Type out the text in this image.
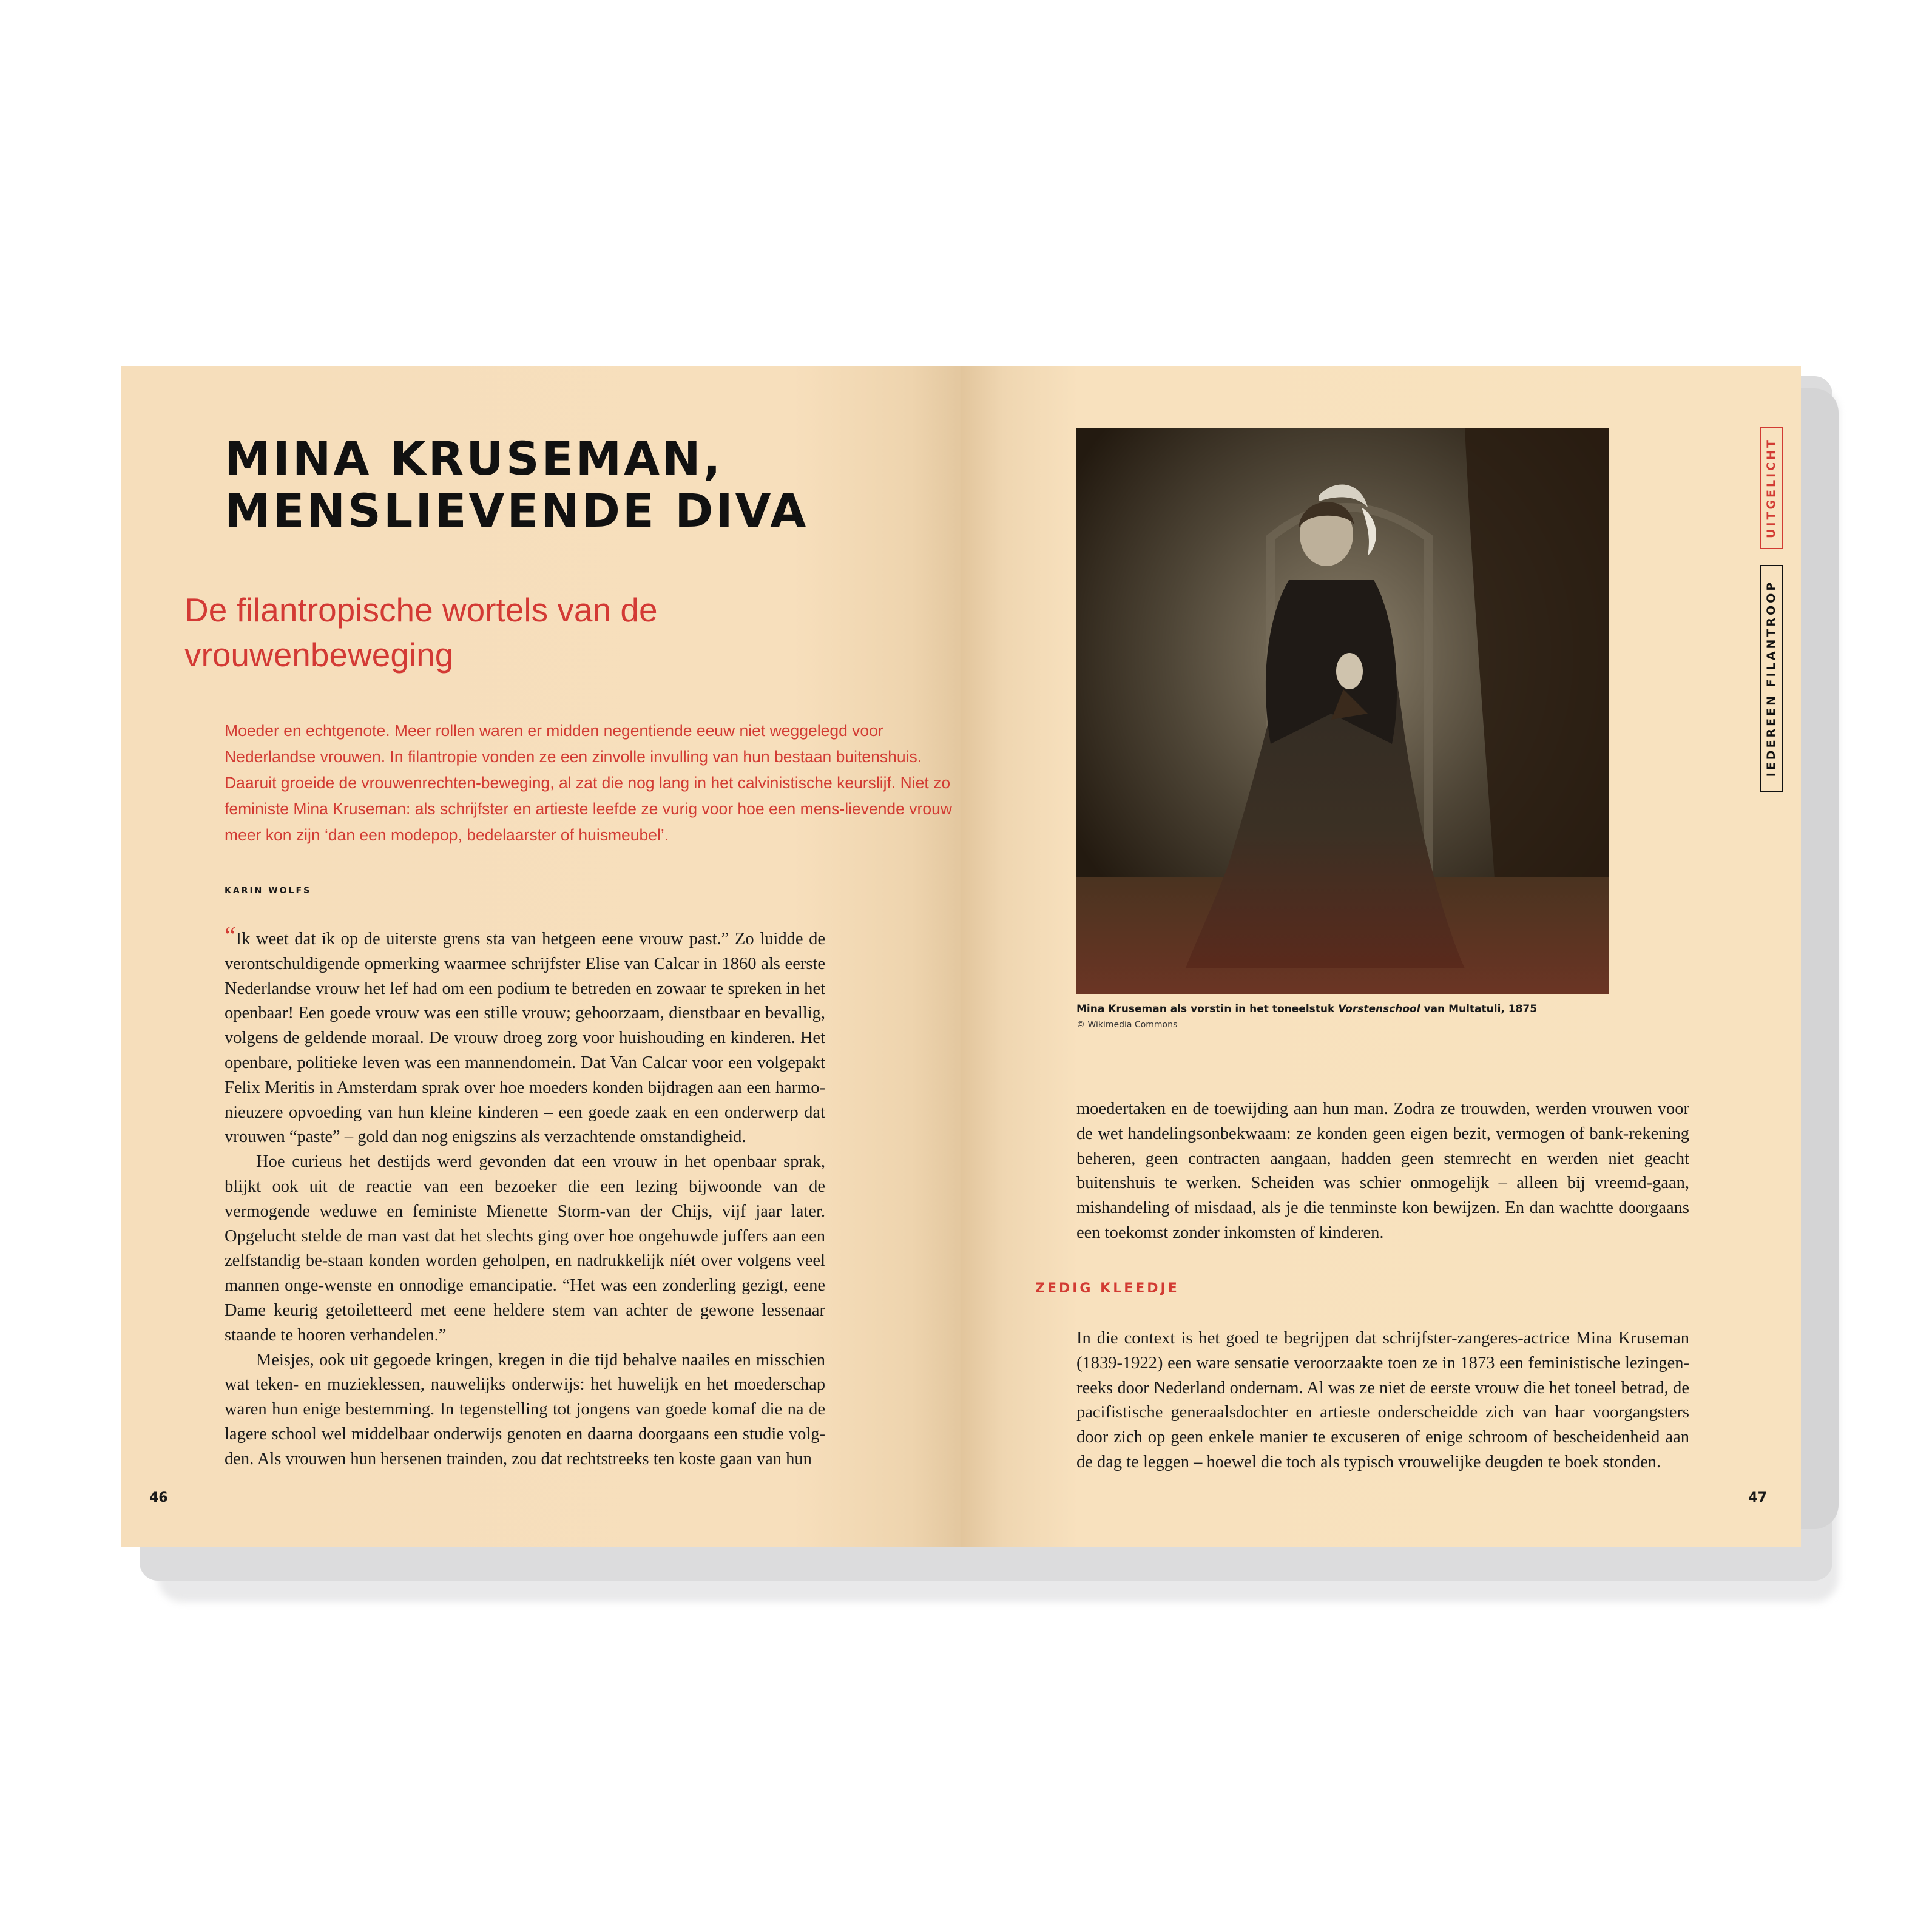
MINA KRUSEMAN,
MENSLIEVENDE DIVA
De filantropische wortels van de vrouwenbeweging

Moeder en echtgenote. Meer rollen waren er midden negentiende eeuw niet weggelegd voor Nederlandse vrouwen. In filantropie vonden ze een zinvolle invulling van hun bestaan buitenshuis. Daaruit groeide de vrouwenrechten-beweging, al zat die nog lang in het calvinistische keurslijf. Niet zo feministe Mina Kruseman: als schrijfster en artieste leefde ze vurig voor hoe een mens-lievende vrouw meer kon zijn ‘dan een modepop, bedelaarster of huismeubel’.

KARIN WOLFS

“Ik weet dat ik op de uiterste grens sta van hetgeen eene vrouw past.” Zo luidde de verontschuldigende opmerking waarmee schrijfster Elise van Calcar in 1860 als eerste Nederlandse vrouw het lef had om een podium te betreden en zowaar te spreken in het openbaar! Een goede vrouw was een stille vrouw; gehoorzaam, dienstbaar en bevallig, volgens de geldende moraal. De vrouw droeg zorg voor huishouding en kinderen. Het openbare, politieke leven was een mannendomein. Dat Van Calcar voor een volgepakt Felix Meritis in Amsterdam sprak over hoe moeders konden bijdragen aan een harmo-nieuzere opvoeding van hun kleine kinderen – een goede zaak en een onderwerp dat vrouwen “paste” – gold dan nog enigszins als verzachtende omstandigheid.

Hoe curieus het destijds werd gevonden dat een vrouw in het openbaar sprak, blijkt ook uit de reactie van een bezoeker die een lezing bijwoonde van de vermogende weduwe en feministe Mienette Storm-van der Chijs, vijf jaar later. Opgelucht stelde de man vast dat het slechts ging over hoe ongehuwde juffers aan een zelfstandig be-staan konden worden geholpen, en nadrukkelijk níét over volgens veel mannen onge-wenste en onnodige emancipatie. “Het was een zonderling gezigt, eene Dame keurig getoiletteerd met eene heldere stem van achter de gewone lessenaar staande te hooren verhandelen.”

Meisjes, ook uit gegoede kringen, kregen in die tijd behalve naailes en misschien wat teken- en muzieklessen, nauwelijks onderwijs: het huwelijk en het moederschap waren hun enige bestemming. In tegenstelling tot jongens van goede komaf die na de lagere school wel middelbaar onderwijs genoten en daarna doorgaans een studie volg-den. Als vrouwen hun hersenen trainden, zou dat rechtstreeks ten koste gaan van hun

46
Mina Kruseman als vorstin in het toneelstuk Vorstenschool van Multatuli, 1875
© Wikimedia Commons

moedertaken en de toewijding aan hun man. Zodra ze trouwden, werden vrouwen voor de wet handelingsonbekwaam: ze konden geen eigen bezit, vermogen of bank-rekening beheren, geen contracten aangaan, hadden geen stemrecht en werden niet geacht buitenshuis te werken. Scheiden was schier onmogelijk – alleen bij vreemd-gaan, mishandeling of misdaad, als je die tenminste kon bewijzen. En dan wachtte doorgaans een toekomst zonder inkomsten of kinderen.

ZEDIG KLEEDJE

In die context is het goed te begrijpen dat schrijfster-zangeres-actrice Mina Kruseman (1839-1922) een ware sensatie veroorzaakte toen ze in 1873 een feministische lezingen-reeks door Nederland ondernam. Al was ze niet de eerste vrouw die het toneel betrad, de pacifistische generaalsdochter en artieste onderscheidde zich van haar voorgangsters door zich op geen enkele manier te excuseren of enige schroom of bescheidenheid aan de dag te leggen – hoewel die toch als typisch vrouwelijke deugden te boek stonden.

UITGELICHT
IEDEREEN FILANTROOP
47
